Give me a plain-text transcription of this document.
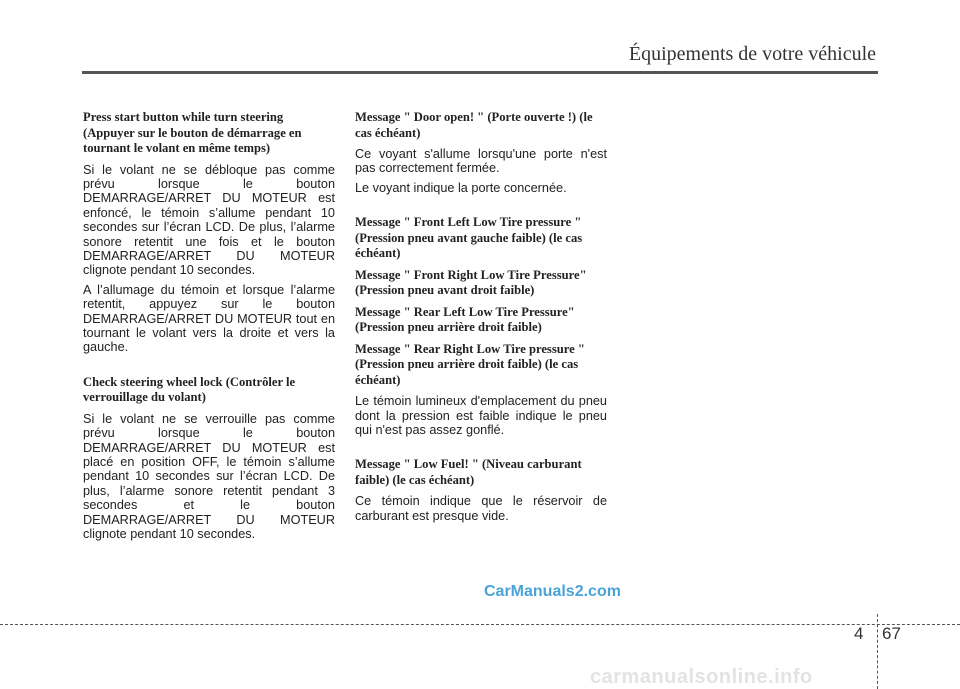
Équipements de votre véhicule
Press start button while turn steering (Appuyer sur le bouton de démarrage en tournant le volant en même temps)
Si le volant ne se débloque pas comme prévu lorsque le bouton DEMARRAGE/ARRET DU MOTEUR est enfoncé, le témoin s’allume pendant 10 secondes sur l’écran LCD. De plus, l’alarme sonore retentit une fois et le bouton DEMARRAGE/ARRET DU MOTEUR clignote pendant 10 secondes.
A l’allumage du témoin et lorsque l’alarme retentit, appuyez sur le bouton DEMARRAGE/ARRET DU MOTEUR tout en tournant le volant vers la droite et vers la gauche.
Check steering wheel lock (Contrôler le verrouillage du volant)
Si le volant ne se verrouille pas comme prévu lorsque le bouton DEMARRAGE/ARRET DU MOTEUR est placé en position OFF, le témoin s’allume pendant 10 secondes sur l’écran LCD. De plus, l’alarme sonore retentit pendant 3 secondes et le bouton DEMARRAGE/ARRET DU MOTEUR clignote pendant 10 secondes.
Message " Door open! " (Porte ouverte !) (le cas échéant)
Ce voyant s'allume lorsqu'une porte n'est pas correctement fermée.
Le voyant indique la porte concernée.
Message " Front Left Low Tire pressure " (Pression pneu avant gauche faible) (le cas échéant)
Message " Front Right Low Tire Pressure" (Pression pneu avant droit faible)
Message " Rear Left Low Tire Pressure" (Pression pneu arrière droit faible)
Message " Rear Right Low Tire pressure " (Pression pneu arrière droit faible) (le cas échéant)
Le témoin lumineux d'emplacement du pneu dont la pression est faible indique le pneu qui n'est pas assez gonflé.
Message " Low Fuel! " (Niveau carburant faible) (le cas échéant)
Ce témoin indique que le réservoir de carburant est presque vide.
CarManuals2.com
4 67
carmanualsonline.info
